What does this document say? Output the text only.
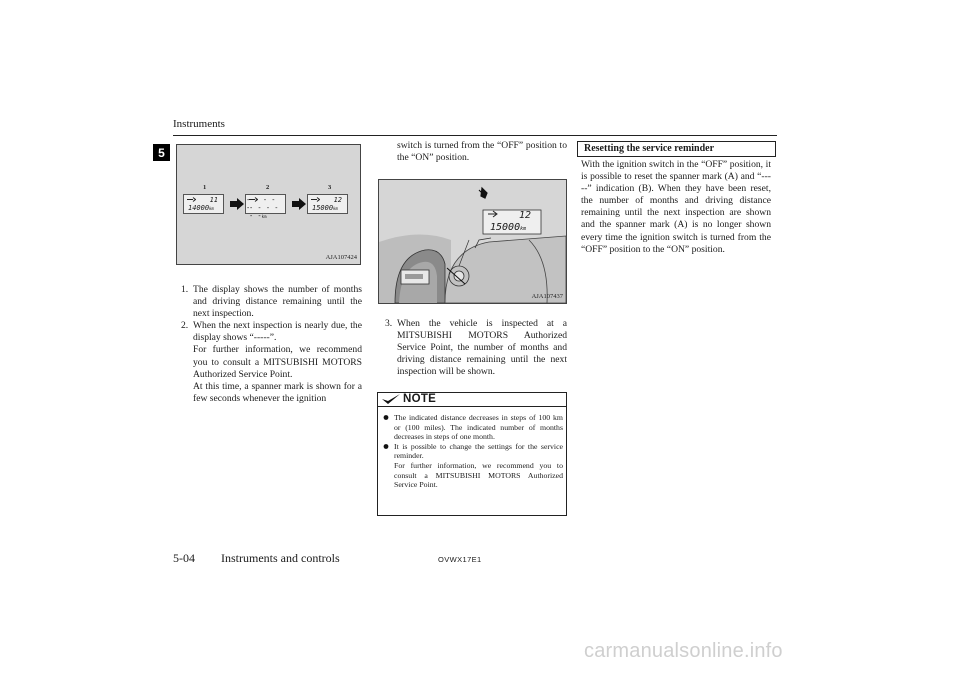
Instruments
5
1	2	3
11
14000km
- - - - -
- - - - - -km
12
15000km
AJA107424
12
15000km
AJA107437
1. The display shows the number of months and driving distance remaining until the next inspection.
2. When the next inspection is nearly due, the display shows “-----”.

For further information, we recommend you to consult a MITSUBISHI MOTORS Authorized Service Point.

At this time, a spanner mark is shown for a few seconds whenever the ignition

switch is turned from the “OFF” position to the “ON” position.
3. When the vehicle is inspected at a MITSUBISHI MOTORS Authorized Service Point, the number of months and driving distance remaining until the next inspection will be shown.
NOTE
The indicated distance decreases in steps of 100 km or (100 miles). The indicated number of months decreases in steps of one month.
It is possible to change the settings for the service reminder.
For further information, we recommend you to consult a MITSUBISHI MOTORS Authorized Service Point.
Resetting the service reminder
With the ignition switch in the “OFF” position, it is possible to reset the spanner mark (A) and “-----” indication (B). When they have been reset, the number of months and driving distance remaining until the next inspection are shown and the spanner mark (A) is no longer shown every time the ignition switch is turned from the “OFF” position to the “ON” position.
5-04 Instruments and controls	OVWX17E1
carmanualsonline.info
